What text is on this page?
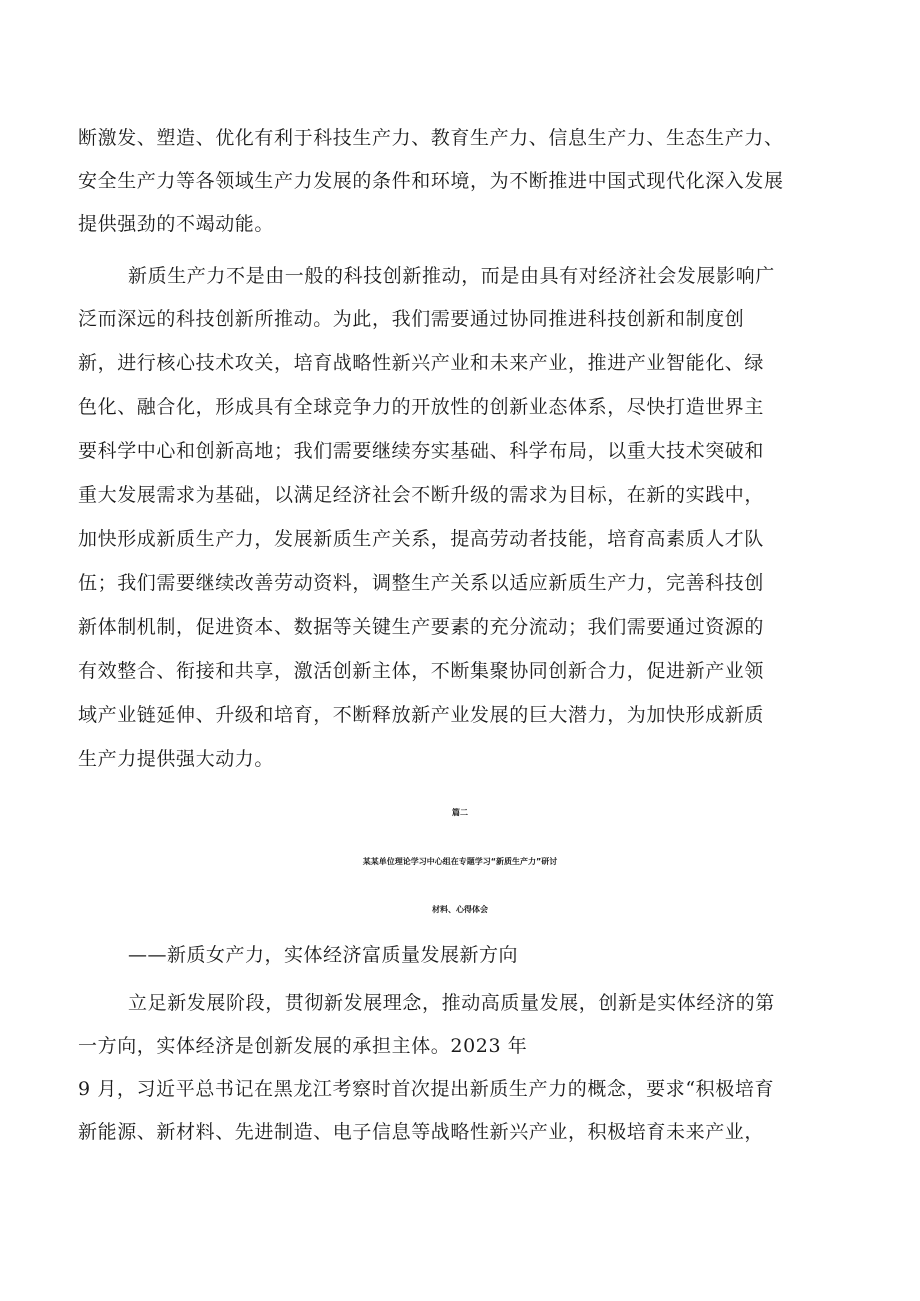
断激发、塑造、优化有利于科技生产力、教育生产力、信息生产力、生态生产力、
安全生产力等各领域生产力发展的条件和环境，为不断推进中国式现代化深入发展
提供强劲的不竭动能。
新质生产力不是由一般的科技创新推动，而是由具有对经济社会发展影响广
泛而深远的科技创新所推动。为此，我们需要通过协同推进科技创新和制度创
新，进行核心技术攻关，培育战略性新兴产业和未来产业，推进产业智能化、绿
色化、融合化，形成具有全球竞争力的开放性的创新业态体系，尽快打造世界主
要科学中心和创新高地；我们需要继续夯实基础、科学布局，以重大技术突破和
重大发展需求为基础，以满足经济社会不断升级的需求为目标，在新的实践中，
加快形成新质生产力，发展新质生产关系，提高劳动者技能，培育高素质人才队
伍；我们需要继续改善劳动资料，调整生产关系以适应新质生产力，完善科技创
新体制机制，促进资本、数据等关键生产要素的充分流动；我们需要通过资源的
有效整合、衔接和共享，激活创新主体，不断集聚协同创新合力，促进新产业领
域产业链延伸、升级和培育，不断释放新产业发展的巨大潜力，为加快形成新质
生产力提供强大动力。
篇二
某某单位理论学习中心组在专题学习“新质生产力”研讨
材料、心得体会
——新质女产力，实体经济富质量发展新方向
立足新发展阶段，贯彻新发展理念，推动高质量发展，创新是实体经济的第
一方向，实体经济是创新发展的承担主体。2023 年
9 月，习近平总书记在黑龙江考察时首次提出新质生产力的概念，要求“积极培育
新能源、新材料、先进制造、电子信息等战略性新兴产业，积极培育未来产业，
